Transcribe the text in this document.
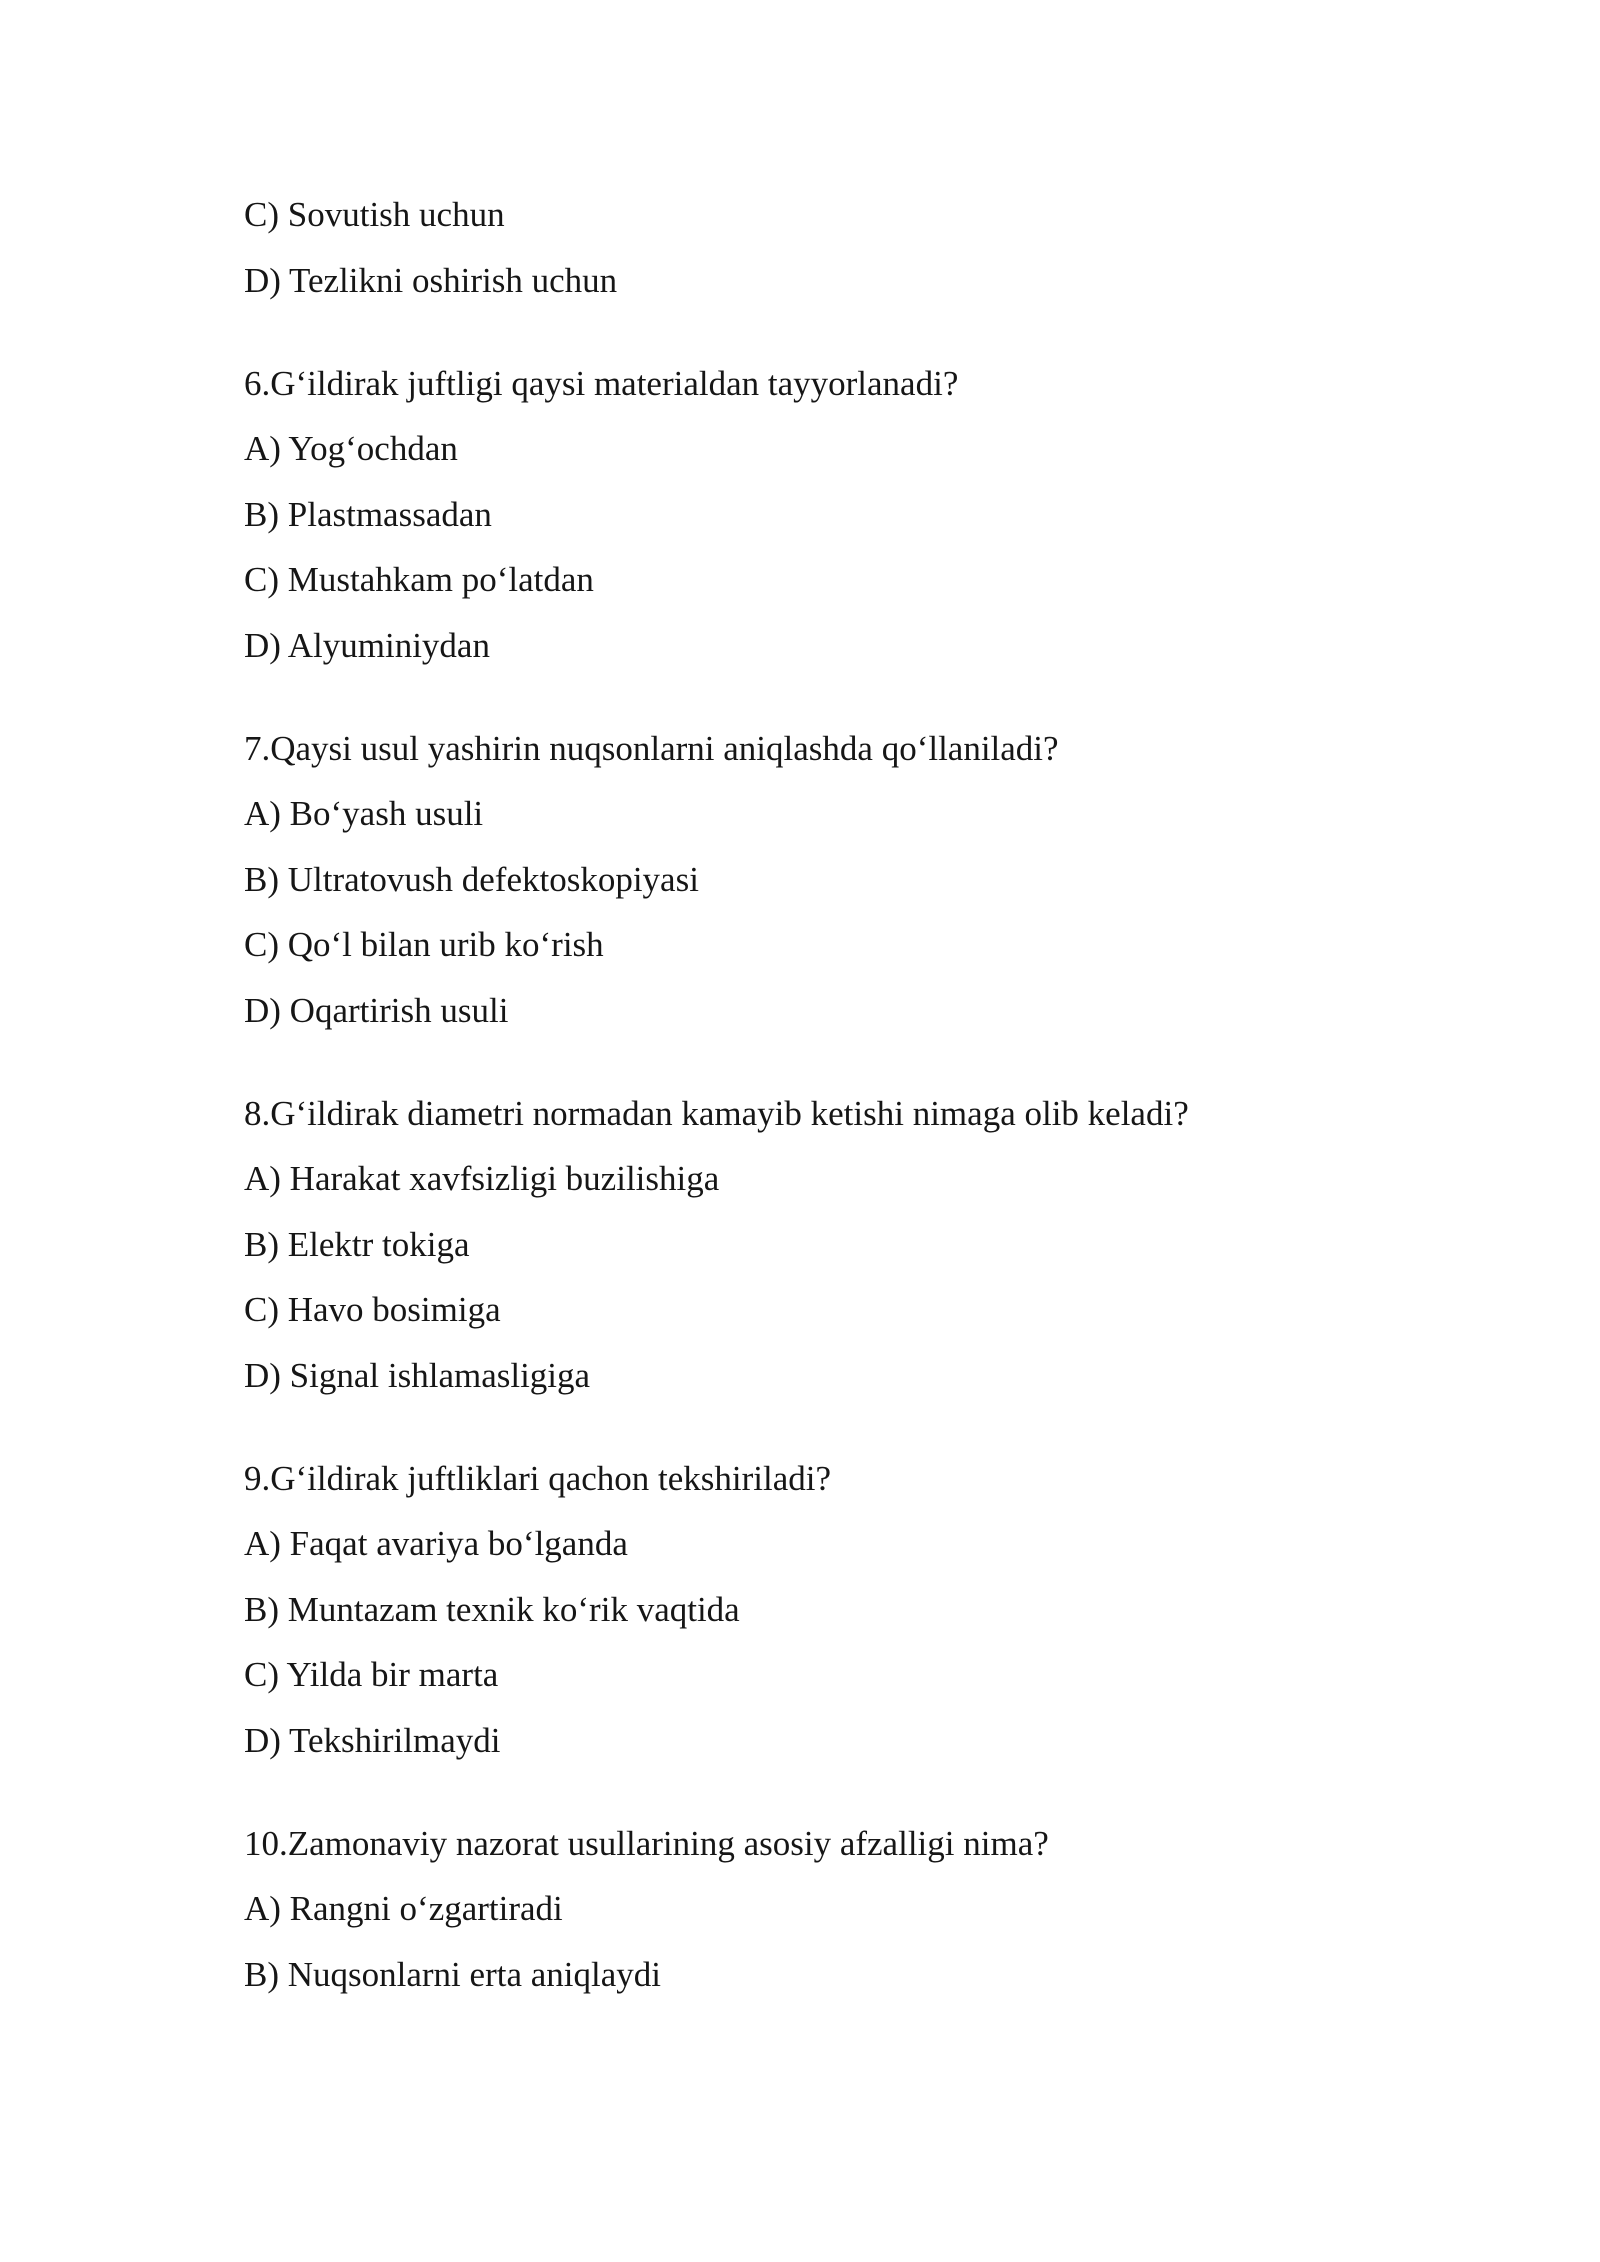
C) Sovutish uchun
D) Tezlikni oshirish uchun
6.G‘ildirak juftligi qaysi materialdan tayyorlanadi?
A) Yog‘ochdan
B) Plastmassadan
C) Mustahkam po‘latdan
D) Alyuminiydan
7.Qaysi usul yashirin nuqsonlarni aniqlashda qo‘llaniladi?
A) Bo‘yash usuli
B) Ultratovush defektoskopiyasi
C) Qo‘l bilan urib ko‘rish
D) Oqartirish usuli
8.G‘ildirak diametri normadan kamayib ketishi nimaga olib keladi?
A) Harakat xavfsizligi buzilishiga
B) Elektr tokiga
C) Havo bosimiga
D) Signal ishlamasligiga
9.G‘ildirak juftliklari qachon tekshiriladi?
A) Faqat avariya bo‘lganda
B) Muntazam texnik ko‘rik vaqtida
C) Yilda bir marta
D) Tekshirilmaydi
10.Zamonaviy nazorat usullarining asosiy afzalligi nima?
A) Rangni o‘zgartiradi
B) Nuqsonlarni erta aniqlaydi
